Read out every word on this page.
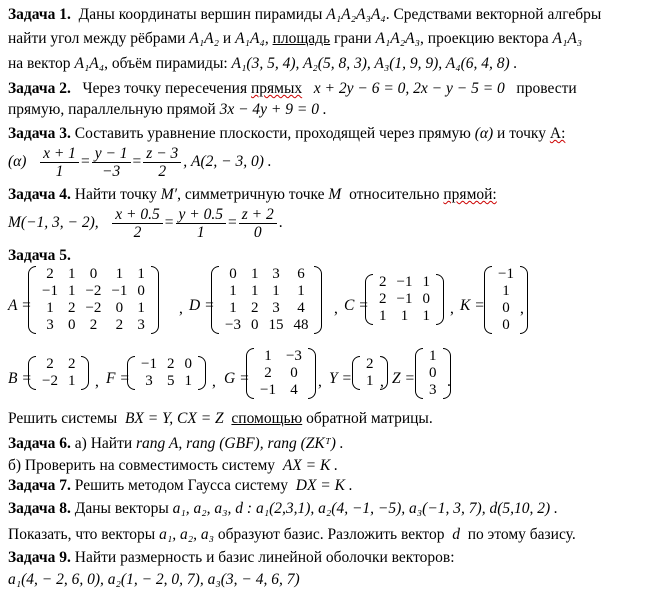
Задача 1. Даны координаты вершин пирамиды A₁A₂A₃A₄. Средствами векторной алгебры
найти угол между рёбрами A₁A₂ и A₁A₄, площадь грани A₁A₂A₃, проекцию вектора A₁A₃
на вектор A₁A₄, объём пирамиды: A₁(3, 5, 4), A₂(5, 8, 3), A₃(1, 9, 9), A₄(6, 4, 8) .
Задача 2. Через точку пересечения прямых x + 2y − 6 = 0, 2x − y − 5 = 0 провести
прямую, параллельную прямой 3x − 4y + 9 = 0 .
Задача 3. Составить уравнение плоскости, проходящей через прямую (α) и точку А:
$(\alpha) \frac{x + 1}{1} = \frac{y - 1}{-3} = \frac{z - 3}{2}$ , A(2, − 3, 0) .
Задача 4. Найти точку M′, симметричную точке M относительно прямой:
M(−1, 3, − 2), $\frac{x + 0.5}{2} = \frac{y + 0.5}{1} = \frac{z + 2}{0}$ .
Задача 5.
A =
2	1	0	1	1
−1	1	−2	−1	0
1	2	−2	0	1
3	0	2	2	3
, D =
0	1	3	6
1	1	1	1
1	2	3	4
−3	0	15	48
, C =
2	−1	1
2	−1	0
1	1	1 , K =
−1
1
0
0
,
B =
2	2
−2	1 , F =
−1	2	0
3	5	1 , G =
1	−3
2	0
−1	4 , Y =
2
1 , Z =
1
0
3 .
Решить системы BX = Y, CX = Z спомощью обратной матрицы.
Задача 6. а) Найти rang A, rang (GBF), rang (ZKᵀ) .
б) Проверить на совместимость систему AX = K .
Задача 7. Решить методом Гаусса систему DX = K .
Задача 8. Даны векторы a₁, a₂, a₃, d : a₁(2,3,1), a₂(4, −1, −5), a₃(−1, 3, 7), d(5,10, 2) .
Показать, что векторы a₁, a₂, a₃ образуют базис. Разложить вектор d по этому базису.
Задача 9. Найти размерность и базис линейной оболочки векторов:
a₁(4, − 2, 6, 0), a₂(1, − 2, 0, 7), a₃(3, − 4, 6, 7)
